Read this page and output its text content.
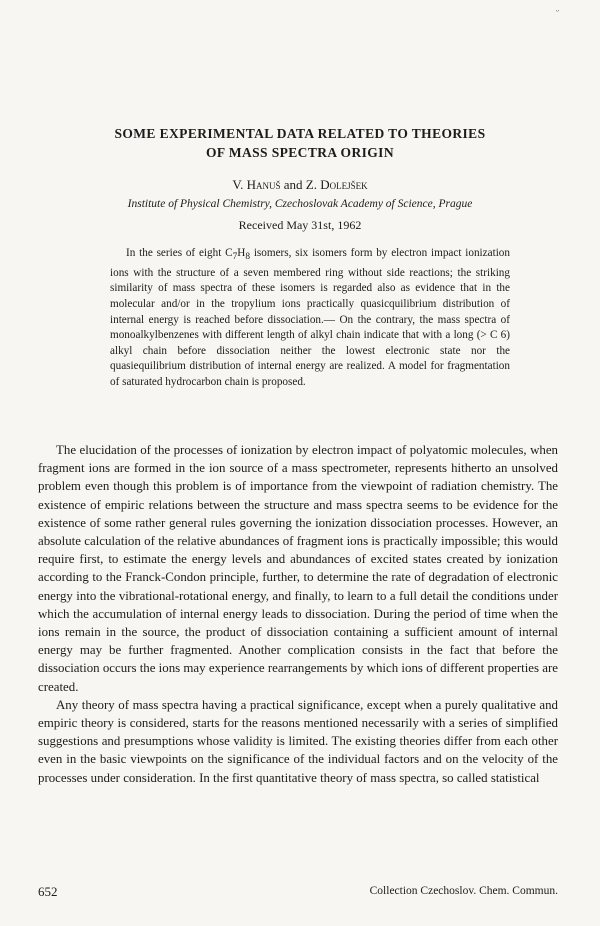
ᵕ
SOME EXPERIMENTAL DATA RELATED TO THEORIES
OF MASS SPECTRA ORIGIN

V. Hanuš and Z. Dolejšek

Institute of Physical Chemistry, Czechoslovak Academy of Science, Prague

Received May 31st, 1962

In the series of eight $C_7H_8$ isomers, six isomers form by electron impact ionization ions with the structure of a seven membered ring without side reactions; the striking similarity of mass spectra of these isomers is regarded also as evidence that in the molecular and/or in the tropylium ions practically quasicquilibrium distribution of internal energy is reached before dissociation.— On the contrary, the mass spectra of monoalkylbenzenes with different length of alkyl chain indicate that with a long (> C 6) alkyl chain before dissociation neither the lowest electronic state nor the quasiequilibrium distribution of internal energy are realized. A model for fragmentation of saturated hydrocarbon chain is proposed.

The elucidation of the processes of ionization by electron impact of polyatomic molecules, when fragment ions are formed in the ion source of a mass spectrometer, represents hitherto an unsolved problem even though this problem is of importance from the viewpoint of radiation chemistry. The existence of empiric relations between the structure and mass spectra seems to be evidence for the existence of some rather general rules governing the ionization dissociation processes. However, an absolute calculation of the relative abundances of fragment ions is practically impossible; this would require first, to estimate the energy levels and abundances of excited states created by ionization according to the Franck-Condon principle, further, to determine the rate of degradation of electronic energy into the vibrational-rotational energy, and finally, to learn to a full detail the conditions under which the accumulation of internal energy leads to dissociation. During the period of time when the ions remain in the source, the product of dissociation containing a sufficient amount of internal energy may be further fragmented. Another complication consists in the fact that before the dissociation occurs the ions may experience rearrangements by which ions of different properties are created.

Any theory of mass spectra having a practical significance, except when a purely qualitative and empiric theory is considered, starts for the reasons mentioned necessarily with a series of simplified suggestions and presumptions whose validity is limited. The existing theories differ from each other even in the basic viewpoints on the significance of the individual factors and on the velocity of the processes under consideration. In the first quantitative theory of mass spectra, so called statistical

652	Collection Czechoslov. Chem. Commun.
